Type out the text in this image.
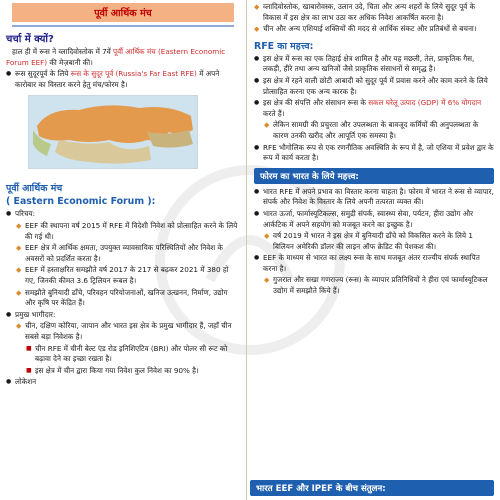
पूर्वी आर्थिक मंच
चर्चा में क्यों?

हाल ही में रूस ने व्लादिवोस्तोक में 7वें पूर्वी आर्थिक मंच (Eastern Economic Forum EEF) की मेज़बानी की।

● रूस सुदूरपूर्व के लिये रूस के सुदूर पूर्व (Russia's Far East RFE) में अपने कारोबार का विस्तार करने हेतु मंच/फोरम है।
पूर्वी आर्थिक मंच
( Eastern Economic Forum ):
● परिचय:
◆ EEF की स्थापना वर्ष 2015 में RFE में विदेशी निवेश को प्रोत्साहित करने के लिये की गई थी।
◆ EEF क्षेत्र में आर्थिक क्षमता, उपयुक्त व्यावसायिक परिस्थितियों और निवेश के अवसरों को प्रदर्शित करता है।
◆ EEF में हस्ताक्षरित समझौते वर्ष 2017 के 217 से बढ़कर 2021 में 380 हो गए, जिनकी कीमत 3.6 ट्रिलियन रूबल है।
◆ समझौते बुनियादी ढाँचे, परिवहन परियोजनाओं, खनिज उत्खनन, निर्माण, उद्योग और कृषि पर केंद्रित हैं।
● प्रमुख भागीदार:
◆ चीन, दक्षिण कोरिया, जापान और भारत इस क्षेत्र के प्रमुख भागीदार हैं, जहाँ चीन सबसे बड़ा निवेशक है।
■ चीन RFE में चीनी बेल्ट एंड रोड इनिशिएटिव (BRI) और पोलर सी रूट को बढ़ावा देने का इच्छा रखता है।
■ इस क्षेत्र में चीन द्वारा किया गया निवेश कुल निवेश का 90% है।
● लोकेशन
◆ व्लादिवोस्तोक, खाबारोवस्क, उलान उदे, चिता और अन्य शहरों के लिये सुदूर पूर्व के विकास में इस क्षेत्र का लाभ उठा कर अधिक निवेश आकर्षित करना है।
◆ चीन और अन्य एशियाई शक्तियों की मदद से आर्थिक संकट और प्रतिबंधों से बचना।
RFE का महत्त्व:
● इस क्षेत्र में रूस का एक तिहाई क्षेत्र शामिल है और यह मछली, तेल, प्राकृतिक गैस, लकड़ी, हीरे तथा अन्य खनिजों जैसे प्राकृतिक संसाधनों से समृद्ध है।
● इस क्षेत्र में रहने वाली छोटी आबादी को सुदूर पूर्व में प्रवास करने और काम करने के लिये प्रोत्साहित करना एक अन्य कारक है।
● इस क्षेत्र की संपत्ति और संसाधन रूस के सकल घरेलू उत्पाद (GDP) में 6% योगदान करते हैं।
◆ लेकिन सामग्री की प्रचुरता और उपलब्धता के बावजूद कर्मियों की अनुपलब्धता के कारण उनकी खरीद और आपूर्ति एक समस्या है।
● RFE भौगोलिक रूप से एक रणनीतिक अवस्थिति के रूप में है, जो एशिया में प्रवेश द्वार के रूप में कार्य करता है।
फोरम का भारत के लिये महत्त्व:
● भारत RFE में अपने प्रभाव का विस्तार करना चाहता है। फोरम में भारत ने रूस से व्यापार, संपर्क और निवेश के विस्तार के लिये अपनी तत्परता व्यक्त की।
● भारत ऊर्जा, फार्मास्यूटिकल्स, समुद्री संपर्क, स्वास्थ्य सेवा, पर्यटन, हीरा उद्योग और आर्कटिक में अपने सहयोग को मजबूत करने का इच्छुक है।
◆ वर्ष 2019 में भारत ने इस क्षेत्र में बुनियादी ढाँचे को विकसित करने के लिये 1 बिलियन अमेरिकी डॉलर की लाइन ऑफ क्रेडिट की पेशकश की।
● EEF के माध्यम से भारत का लक्ष्य रूस के साथ मजबूत अंतर राज्यीय संपर्क स्थापित करना है।
◆ गुजरात और सखा गणराज्य (रूस) के व्यापार प्रतिनिधियों ने हीरा एवं फार्मास्यूटिकल उद्योग में समझौते किये हैं।
भारत EEF और IPEF के बीच संतुलन:
